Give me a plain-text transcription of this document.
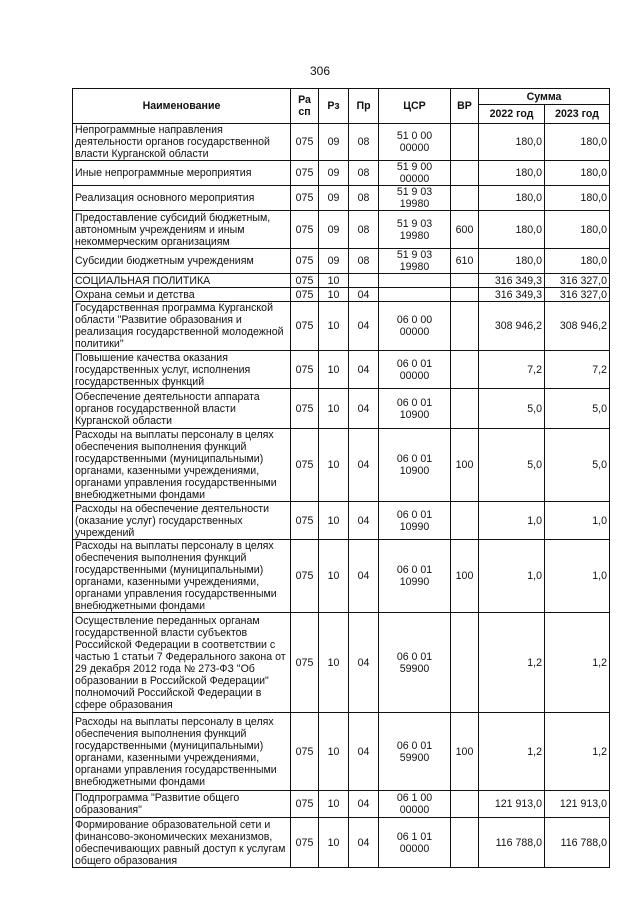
306
Наименование	Ра сп	Рз	Пр	ЦСР	ВР	Сумма	
						2022 год	2023 год
Непрограммные направления деятельности органов государственной власти Курганской области	075	09	08	51 0 00 00000		180,0	180,0
Иные непрограммные мероприятия	075	09	08	51 9 00 00000		180,0	180,0
Реализация основного мероприятия	075	09	08	51 9 03 19980		180,0	180,0
Предоставление субсидий бюджетным, автономным учреждениям и иным некоммерческим организациям	075	09	08	51 9 03 19980	600	180,0	180,0
Субсидии бюджетным учреждениям	075	09	08	51 9 03 19980	610	180,0	180,0
СОЦИАЛЬНАЯ ПОЛИТИКА	075	10				316 349,3	316 327,0
Охрана семьи и детства	075	10	04			316 349,3	316 327,0
Государственная программа Курганской области "Развитие образования и реализация государственной молодежной политики"	075	10	04	06 0 00 00000		308 946,2	308 946,2
Повышение качества оказания государственных услуг, исполнения государственных функций	075	10	04	06 0 01 00000		7,2	7,2
Обеспечение деятельности аппарата органов государственной власти Курганской области	075	10	04	06 0 01 10900		5,0	5,0
Расходы на выплаты персоналу в целях обеспечения выполнения функций государственными (муниципальными) органами, казенными учреждениями, органами управления государственными внебюджетными фондами	075	10	04	06 0 01 10900	100	5,0	5,0
Расходы на обеспечение деятельности (оказание услуг) государственных учреждений	075	10	04	06 0 01 10990		1,0	1,0
Расходы на выплаты персоналу в целях обеспечения выполнения функций государственными (муниципальными) органами, казенными учреждениями, органами управления государственными внебюджетными фондами	075	10	04	06 0 01 10990	100	1,0	1,0
Осуществление переданных органам государственной власти субъектов Российской Федерации в соответствии с частью 1 статьи 7 Федерального закона от 29 декабря 2012 года № 273-ФЗ "Об образовании в Российской Федерации" полномочий Российской Федерации в сфере образования	075	10	04	06 0 01 59900		1,2	1,2
Расходы на выплаты персоналу в целях обеспечения выполнения функций государственными (муниципальными) органами, казенными учреждениями, органами управления государственными внебюджетными фондами	075	10	04	06 0 01 59900	100	1,2	1,2
Подпрограмма "Развитие общего образования"	075	10	04	06 1 00 00000		121 913,0	121 913,0
Формирование образовательной сети и финансово-экономических механизмов, обеспечивающих равный доступ к услугам общего образования	075	10	04	06 1 01 00000		116 788,0	116 788,0
